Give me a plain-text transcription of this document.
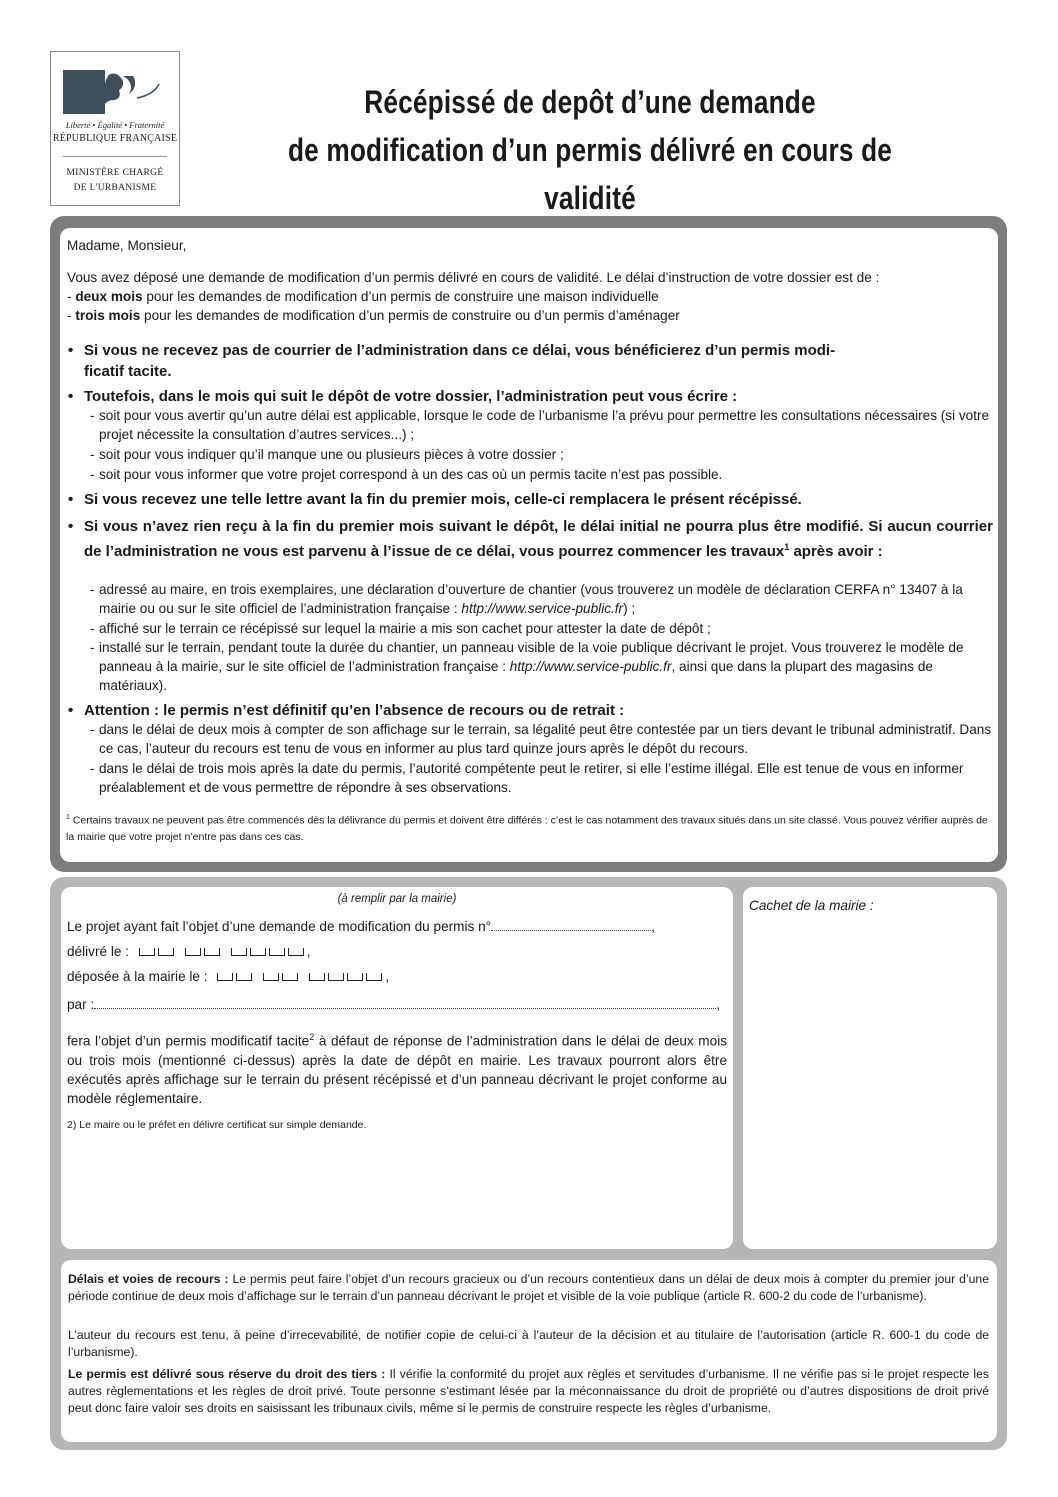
Liberté • Égalité • Fraternité
RÉPUBLIQUE FRANÇAISE
MINISTÈRE CHARGÉ
DE L'URBANISME
Récépissé de depôt d’une demande
de modification d’un permis délivré en cours de validité
Madame, Monsieur,
Vous avez déposé une demande de modification d’un permis délivré en cours de validité. Le délai d’instruction de votre dossier est de :
- deux mois pour les demandes de modification d’un permis de construire une maison individuelle
- trois mois pour les demandes de modification d’un permis de construire ou d’un permis d’aménager
• Si vous ne recevez pas de courrier de l’administration dans ce délai, vous bénéficierez d’un permis modi-
ficatif tacite.
• Toutefois, dans le mois qui suit le dépôt de votre dossier, l’administration peut vous écrire :
- soit pour vous avertir qu’un autre délai est applicable, lorsque le code de l’urbanisme l’a prévu pour permettre les consultations nécessaires (si votre projet nécessite la consultation d’autres services...) ;
- soit pour vous indiquer qu’il manque une ou plusieurs pièces à votre dossier ;
- soit pour vous informer que votre projet correspond à un des cas où un permis tacite n’est pas possible.
• Si vous recevez une telle lettre avant la fin du premier mois, celle-ci remplacera le présent récépissé.
• Si vous n’avez rien reçu à la fin du premier mois suivant le dépôt, le délai initial ne pourra plus être modifié. Si aucun courrier de l’administration ne vous est parvenu à l’issue de ce délai, vous pourrez commencer les travaux$^1$ après avoir :
- adressé au maire, en trois exemplaires, une déclaration d’ouverture de chantier (vous trouverez un modèle de déclaration CERFA n° 13407 à la mairie ou ou sur le site officiel de l’administration française : http://www.service-public.fr) ;
- affiché sur le terrain ce récépissé sur lequel la mairie a mis son cachet pour attester la date de dépôt ;
- installé sur le terrain, pendant toute la durée du chantier, un panneau visible de la voie publique décrivant le projet. Vous trouverez le modèle de panneau à la mairie, sur le site officiel de l’administration française : http://www.service-public.fr, ainsi que dans la plupart des magasins de matériaux).
• Attention : le permis n’est définitif qu’en l’absence de recours ou de retrait :
- dans le délai de deux mois à compter de son affichage sur le terrain, sa légalité peut être contestée par un tiers devant le tribunal administratif. Dans ce cas, l’auteur du recours est tenu de vous en informer au plus tard quinze jours après le dépôt du recours.
- dans le délai de trois mois après la date du permis, l’autorité compétente peut le retirer, si elle l’estime illégal. Elle est tenue de vous en informer préalablement et de vous permettre de répondre à ses observations.
$^1$ Certains travaux ne peuvent pas être commencés dès la délivrance du permis et doivent être différés : c’est le cas notamment des travaux situés dans un site classé. Vous pouvez vérifier auprès de la mairie que votre projet n’entre pas dans ces cas.
(à remplir par la mairie)
Le projet ayant fait l’objet d’une demande de modification du permis n°	,
délivré le :	,
déposée à la mairie le :	,
par :	,
fera l’objet d’un permis modificatif tacite$^2$ à défaut de réponse de l’administration dans le délai de deux mois ou trois mois (mentionné ci-dessus) après la date de dépôt en mairie. Les travaux pourront alors être exécutés après affichage sur le terrain du présent récépissé et d’un panneau décrivant le projet conforme au modèle réglementaire.
2) Le maire ou le préfet en délivre certificat sur simple demande.
Cachet de la mairie :
Délais et voies de recours : Le permis peut faire l’objet d’un recours gracieux ou d’un recours contentieux dans un délai de deux mois à compter du premier jour d’une période continue de deux mois d’affichage sur le terrain d’un panneau décrivant le projet et visible de la voie publique (article R. 600-2 du code de l’urbanisme).
L’auteur du recours est tenu, à peine d’irrecevabilité, de notifier copie de celui-ci à l’auteur de la décision et au titulaire de l’autorisation (article R. 600-1 du code de l’urbanisme).
Le permis est délivré sous réserve du droit des tiers : Il vérifie la conformité du projet aux règles et servitudes d’urbanisme. Il ne vérifie pas si le projet respecte les autres règlementations et les règles de droit privé. Toute personne s’estimant lésée par la méconnaissance du droit de propriété ou d’autres dispositions de droit privé peut donc faire valoir ses droits en saisissant les tribunaux civils, même si le permis de construire respecte les règles d’urbanisme.
